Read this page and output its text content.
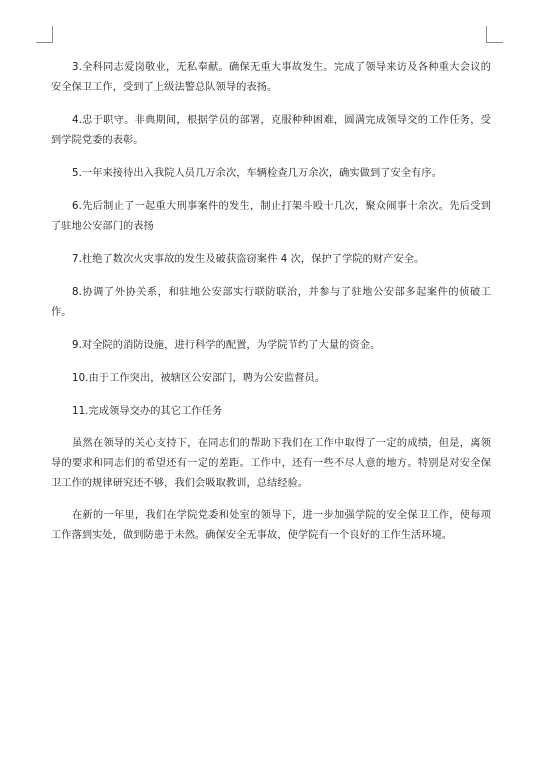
3.全科同志爱岗敬业，无私奉献。确保无重大事故发生。完成了领导来访及各种重大会议的安全保卫工作，受到了上级法警总队领导的表扬。

4.忠于职守。非典期间，根据学员的部署，克服种种困难，圆满完成领导交的工作任务，受到学院党委的表彰。

5.一年来接待出入我院人员几万余次，车辆检查几万余次，确实做到了安全有序。

6.先后制止了一起重大刑事案件的发生，制止打架斗殴十几次，聚众闹事十余次。先后受到了驻地公安部门的表扬

7.杜绝了数次火灾事故的发生及破获盗窃案件 4 次，保护了学院的财产安全。

8.协调了外协关系，和驻地公安部实行联防联治，并参与了驻地公安部多起案件的侦破工作。

9.对全院的消防设施，进行科学的配置，为学院节约了大量的资金。

10.由于工作突出，被辖区公安部门，聘为公安监督员。

11.完成领导交办的其它工作任务

虽然在领导的关心支持下，在同志们的帮助下我们在工作中取得了一定的成绩，但是，离领导的要求和同志们的希望还有一定的差距。工作中，还有一些不尽人意的地方。特别是对安全保卫工作的规律研究还不够，我们会吸取教训，总结经验。

在新的一年里，我们在学院党委和处室的领导下，进一步加强学院的安全保卫工作，使每项工作落到实处，做到防患于未然。确保安全无事故，使学院有一个良好的工作生活环境。
